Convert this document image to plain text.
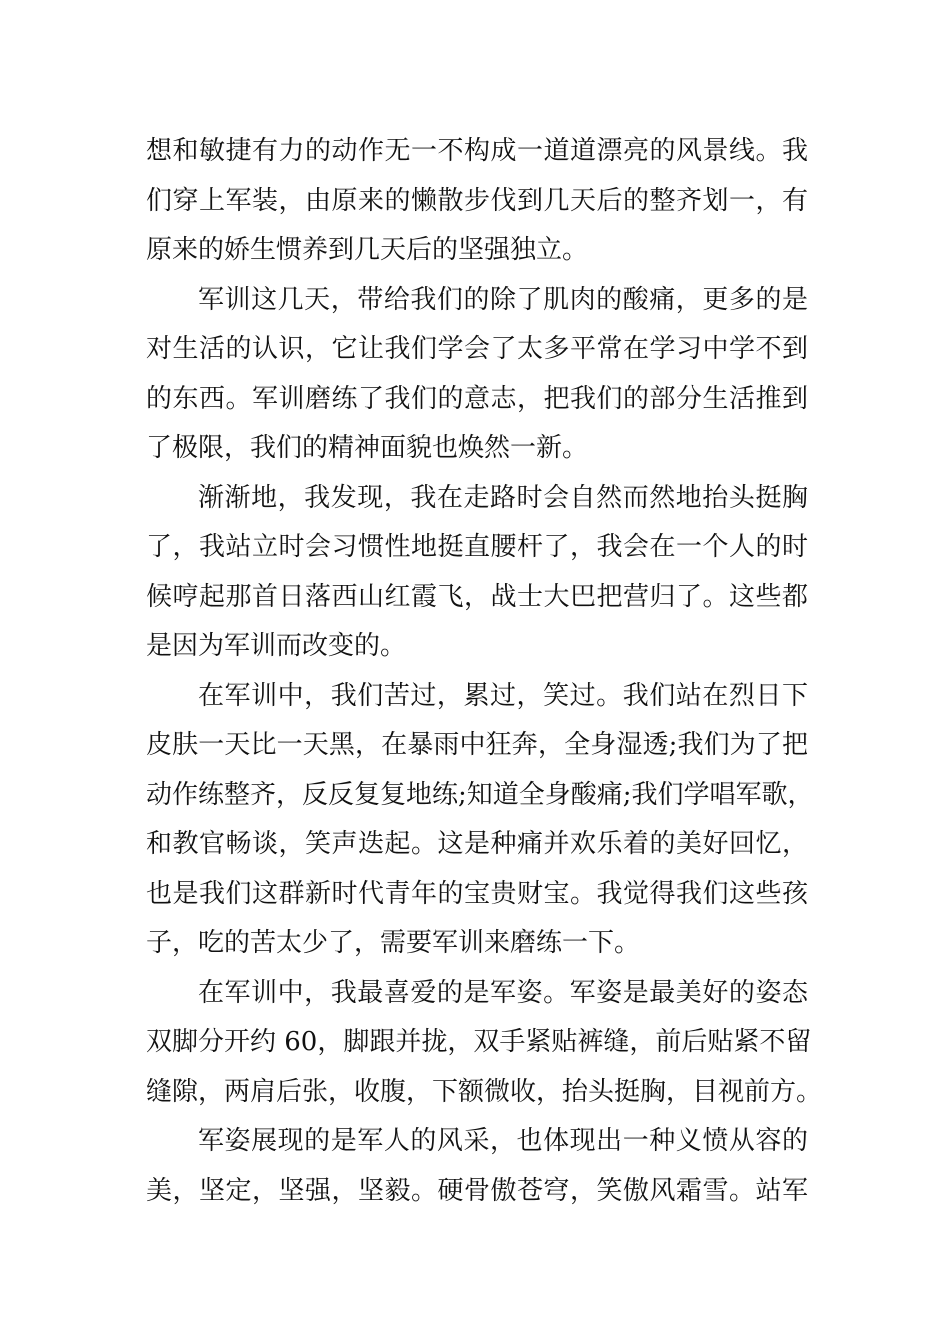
想和敏捷有力的动作无一不构成一道道漂亮的风景线。我
们穿上军装，由原来的懒散步伐到几天后的整齐划一，有
原来的娇生惯养到几天后的坚强独立。
军训这几天，带给我们的除了肌肉的酸痛，更多的是
对生活的认识，它让我们学会了太多平常在学习中学不到
的东西。军训磨练了我们的意志，把我们的部分生活推到
了极限，我们的精神面貌也焕然一新。
渐渐地，我发现，我在走路时会自然而然地抬头挺胸
了，我站立时会习惯性地挺直腰杆了，我会在一个人的时
候哼起那首日落西山红霞飞，战士大巴把营归了。这些都
是因为军训而改变的。
在军训中，我们苦过，累过，笑过。我们站在烈日下
皮肤一天比一天黑，在暴雨中狂奔，全身湿透;我们为了把
动作练整齐，反反复复地练;知道全身酸痛;我们学唱军歌，
和教官畅谈，笑声迭起。这是种痛并欢乐着的美好回忆，
也是我们这群新时代青年的宝贵财宝。我觉得我们这些孩
子，吃的苦太少了，需要军训来磨练一下。
在军训中，我最喜爱的是军姿。军姿是最美好的姿态
双脚分开约 60，脚跟并拢，双手紧贴裤缝，前后贴紧不留
缝隙，两肩后张，收腹，下额微收，抬头挺胸，目视前方。
军姿展现的是军人的风采，也体现出一种义愤从容的
美，坚定，坚强，坚毅。硬骨傲苍穹，笑傲风霜雪。站军
